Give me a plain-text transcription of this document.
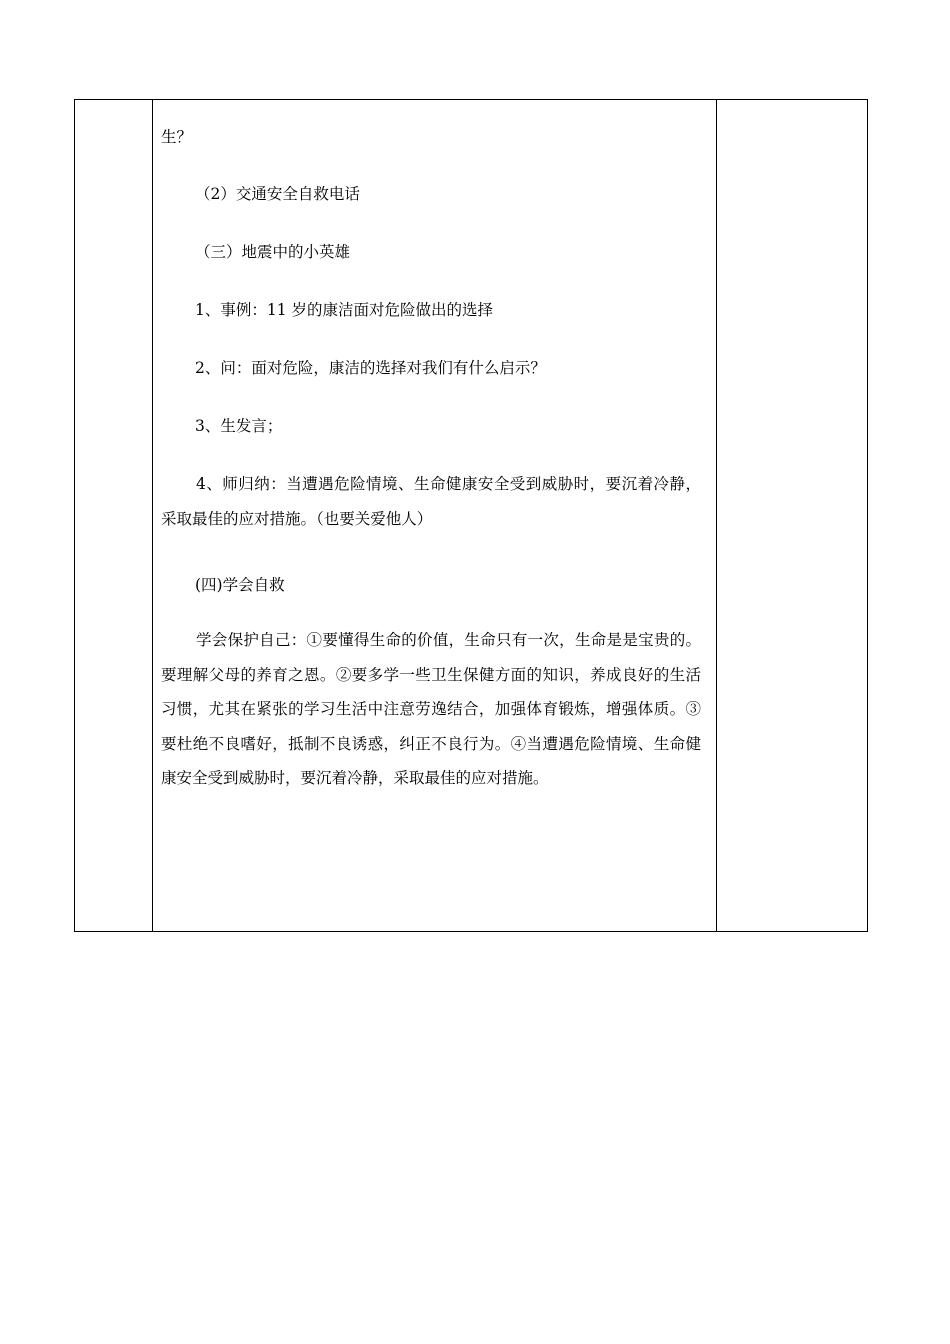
生？
（2）交通安全自救电话
（三）地震中的小英雄
1、事例：11 岁的康洁面对危险做出的选择
2、问：面对危险，康洁的选择对我们有什么启示？
3、生发言；
4、师归纳：当遭遇危险情境、生命健康安全受到威胁时，要沉着冷静，采取最佳的应对措施。（也要关爱他人）
(四)学会自救
学会保护自己：①要懂得生命的价值，生命只有一次，生命是是宝贵的。要理解父母的养育之恩。②要多学一些卫生保健方面的知识，养成良好的生活习惯，尤其在紧张的学习生活中注意劳逸结合，加强体育锻炼，增强体质。③要杜绝不良嗜好，抵制不良诱惑，纠正不良行为。④当遭遇危险情境、生命健康安全受到威胁时，要沉着冷静，采取最佳的应对措施。
